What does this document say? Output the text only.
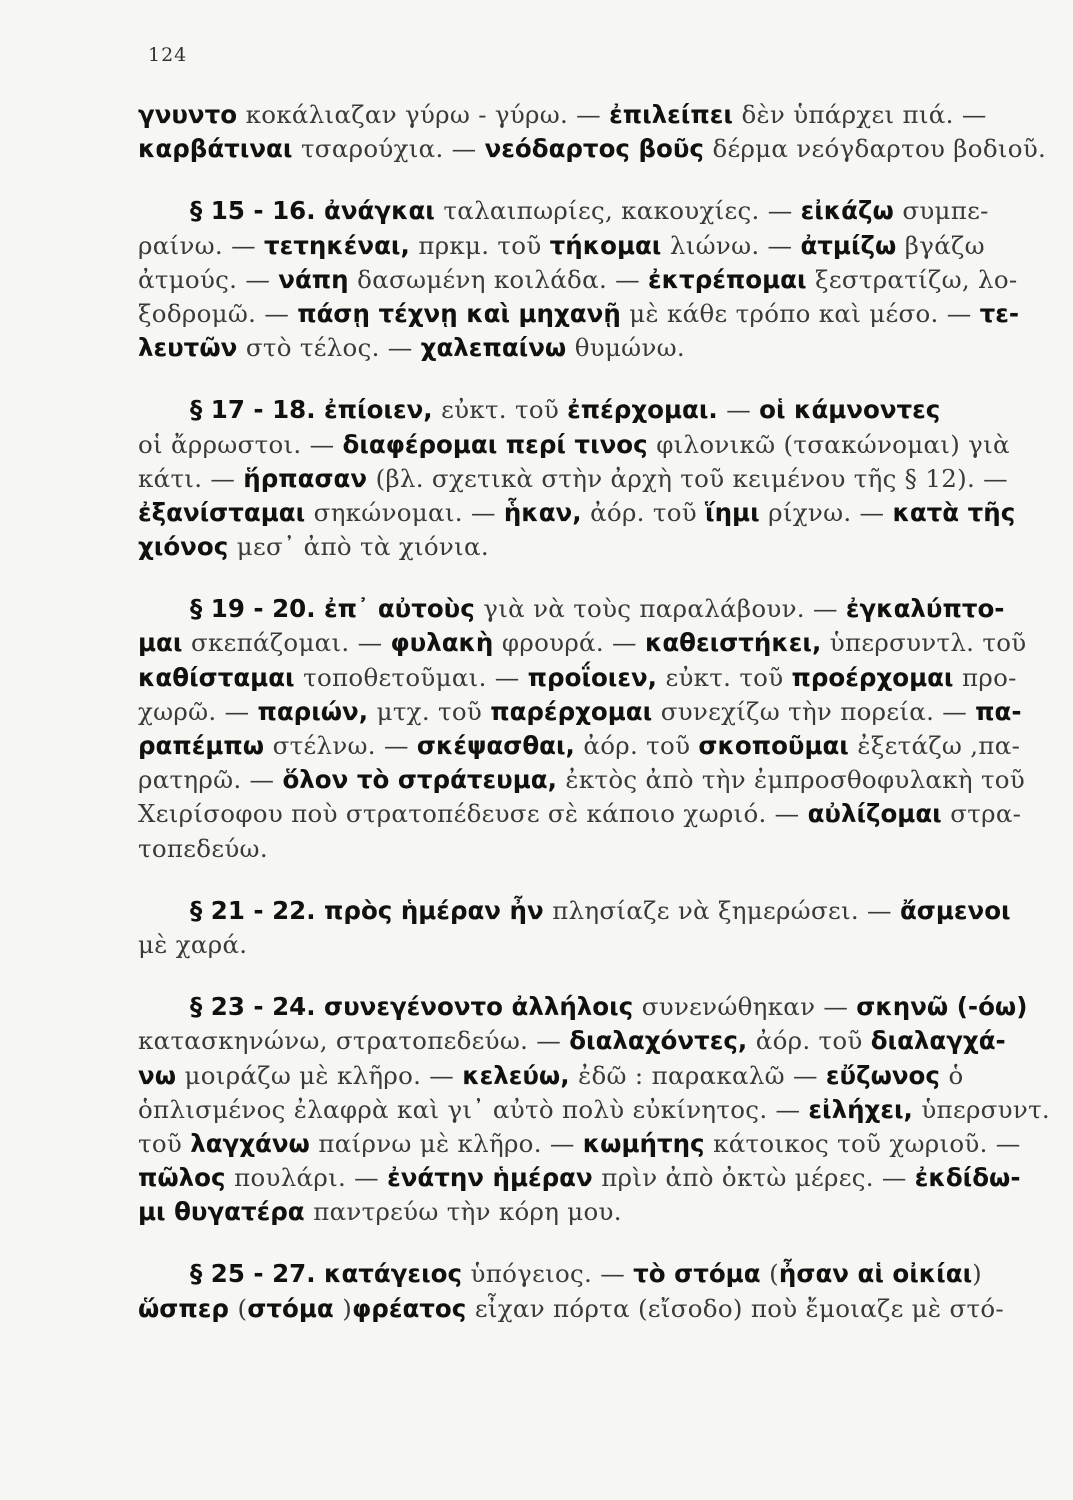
124
γνυντο κοκάλιαζαν γύρω - γύρω. — ἐπιλείπει δὲν ὑπάρχει πιά. —
καρβάτιναι τσαρούχια. — νεόδαρτος βοῦς δέρμα νεόγδαρτου βοδιοῦ.
§ 15 - 16. ἀνάγκαι ταλαιπωρίες, κακουχίες. — εἰκάζω συμπε-
ραίνω. — τετηκέναι, πρκμ. τοῦ τήκομαι λιώνω. — ἀτμίζω βγάζω
ἀτμούς. — νάπη δασωμένη κοιλάδα. — ἐκτρέπομαι ξεστρατίζω, λο-
ξοδρομῶ. — πάσῃ τέχνῃ καὶ μηχανῇ μὲ κάθε τρόπο καὶ μέσο. — τε-
λευτῶν στὸ τέλος. — χαλεπαίνω θυμώνω.
§ 17 - 18. ἐπίοιεν, εὐκτ. τοῦ ἐπέρχομαι. — οἱ κάμνοντες
οἱ ἄρρωστοι. — διαφέρομαι περί τινος φιλονικῶ (τσακώνομαι) γιὰ
κάτι. — ἥρπασαν (βλ. σχετικὰ στὴν ἀρχὴ τοῦ κειμένου τῆς § 12). —
ἐξανίσταμαι σηκώνομαι. — ἧκαν, ἀόρ. τοῦ ἵημι ρίχνω. — κατὰ τῆς
χιόνος μεσ᾽ ἀπὸ τὰ χιόνια.
§ 19 - 20. ἐπ᾽ αὐτοὺς γιὰ νὰ τοὺς παραλάβουν. — ἐγκαλύπτο-
μαι σκεπάζομαι. — φυλακὴ φρουρά. — καθειστήκει, ὑπερσυντλ. τοῦ
καθίσταμαι τοποθετοῦμαι. — προΐοιεν, εὐκτ. τοῦ προέρχομαι προ-
χωρῶ. — παριών, μτχ. τοῦ παρέρχομαι συνεχίζω τὴν πορεία. — πα-
ραπέμπω στέλνω. — σκέψασθαι, ἀόρ. τοῦ σκοποῦμαι ἐξετάζω ,πα-
ρατηρῶ. — ὅλον τὸ στράτευμα, ἐκτὸς ἀπὸ τὴν ἐμπροσθοφυλακὴ τοῦ
Χειρίσοφου ποὺ στρατοπέδευσε σὲ κάποιο χωριό. — αὐλίζομαι στρα-
τοπεδεύω.
§ 21 - 22. πρὸς ἡμέραν ἦν πλησίαζε νὰ ξημερώσει. — ἄσμενοι
μὲ χαρά.
§ 23 - 24. συνεγένοντο ἀλλήλοις συνενώθηκαν — σκηνῶ (-όω)
κατασκηνώνω, στρατοπεδεύω. — διαλαχόντες, ἀόρ. τοῦ διαλαγχά-
νω μοιράζω μὲ κλῆρο. — κελεύω, ἐδῶ : παρακαλῶ — εὔζωνος ὁ
ὁπλισμένος ἐλαφρὰ καὶ γι᾽ αὐτὸ πολὺ εὐκίνητος. — εἰλήχει, ὑπερσυντ.
τοῦ λαγχάνω παίρνω μὲ κλῆρο. — κωμήτης κάτοικος τοῦ χωριοῦ. —
πῶλος πουλάρι. — ἐνάτην ἡμέραν πρὶν ἀπὸ ὀκτὼ μέρες. — ἐκδίδω-
μι θυγατέρα παντρεύω τὴν κόρη μου.
§ 25 - 27. κατάγειος ὑπόγειος. — τὸ στόμα (ἦσαν αἱ οἰκίαι)
ὥσπερ (στόμα )φρέατος εἶχαν πόρτα (εἴσοδο) ποὺ ἔμοιαζε μὲ στό-
